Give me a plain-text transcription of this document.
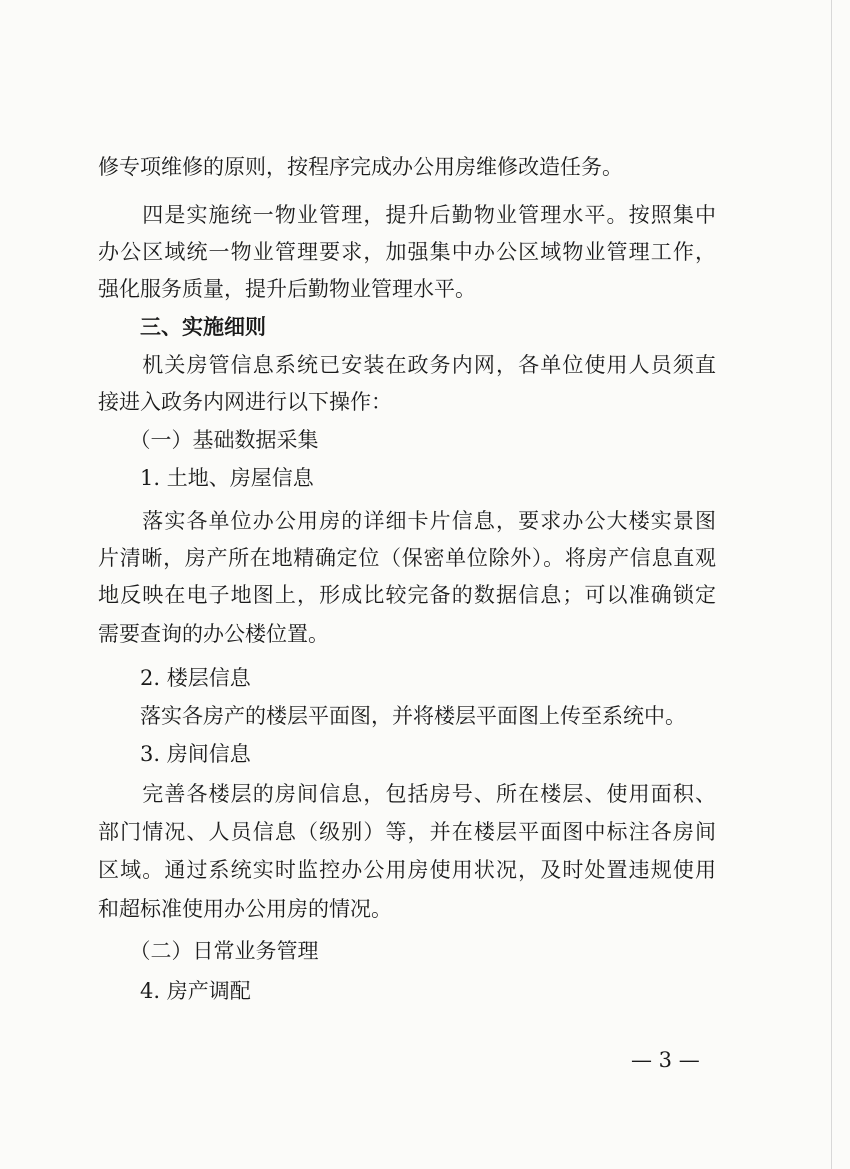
修专项维修的原则，按程序完成办公用房维修改造任务。
　　四是实施统一物业管理，提升后勤物业管理水平。按照集中
办公区域统一物业管理要求，加强集中办公区域物业管理工作，
强化服务质量，提升后勤物业管理水平。
　　三、实施细则
　　机关房管信息系统已安装在政务内网，各单位使用人员须直
接进入政务内网进行以下操作：
　　（一）基础数据采集
　　1. 土地、房屋信息
　　落实各单位办公用房的详细卡片信息，要求办公大楼实景图
片清晰，房产所在地精确定位（保密单位除外）。将房产信息直观
地反映在电子地图上，形成比较完备的数据信息；可以准确锁定
需要查询的办公楼位置。
　　2. 楼层信息
　　落实各房产的楼层平面图，并将楼层平面图上传至系统中。
　　3. 房间信息
　　完善各楼层的房间信息，包括房号、所在楼层、使用面积、
部门情况、人员信息（级别）等，并在楼层平面图中标注各房间
区域。通过系统实时监控办公用房使用状况，及时处置违规使用
和超标准使用办公用房的情况。
　　（二）日常业务管理
　　4. 房产调配
— 3 —
